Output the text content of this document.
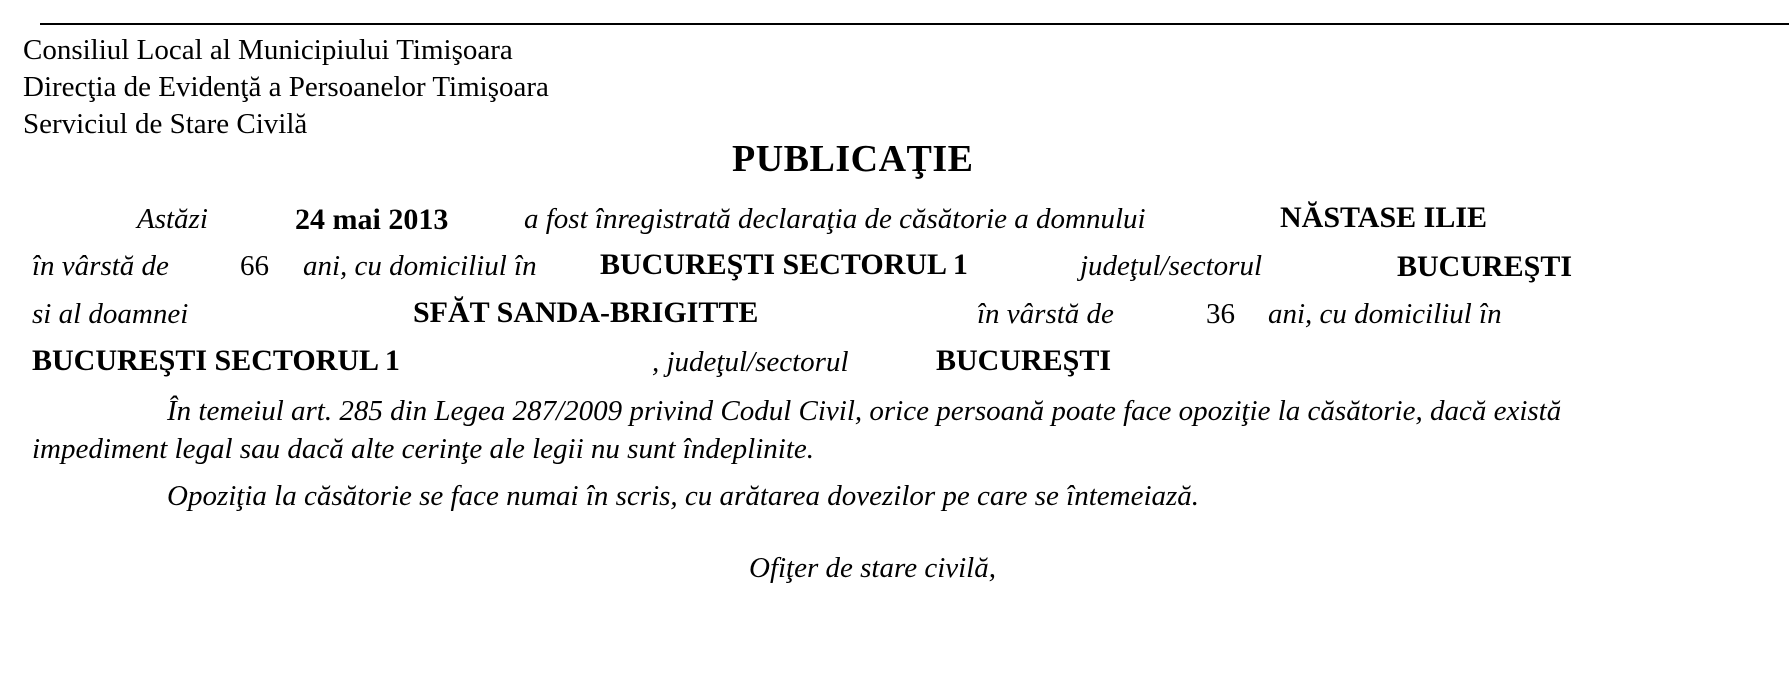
Consiliul Local al Municipiului Timişoara
Direcţia de Evidenţă a Persoanelor Timişoara
Serviciul de Stare Civilă
PUBLICAŢIE
Astăzi	24 mai 2013	a fost înregistrată declaraţia de căsătorie a domnului	NĂSTASE ILIE
în vârstă de 66 ani, cu domiciliul în BUCUREŞTI SECTORUL 1	judeţul/sectorul	BUCUREŞTI
si al doamnei	SFĂT SANDA-BRIGITTE	în vârstă de	36 ani, cu domiciliul în
BUCUREŞTI SECTORUL 1	, judeţul/sectorul	BUCUREŞTI
În temeiul art. 285 din Legea 287/2009 privind Codul Civil, orice persoană poate face opoziţie la căsătorie, dacă există
impediment legal sau dacă alte cerinţe ale legii nu sunt îndeplinite.
Opoziţia la căsătorie se face numai în scris, cu arătarea dovezilor pe care se întemeiază.
Ofiţer de stare civilă,
